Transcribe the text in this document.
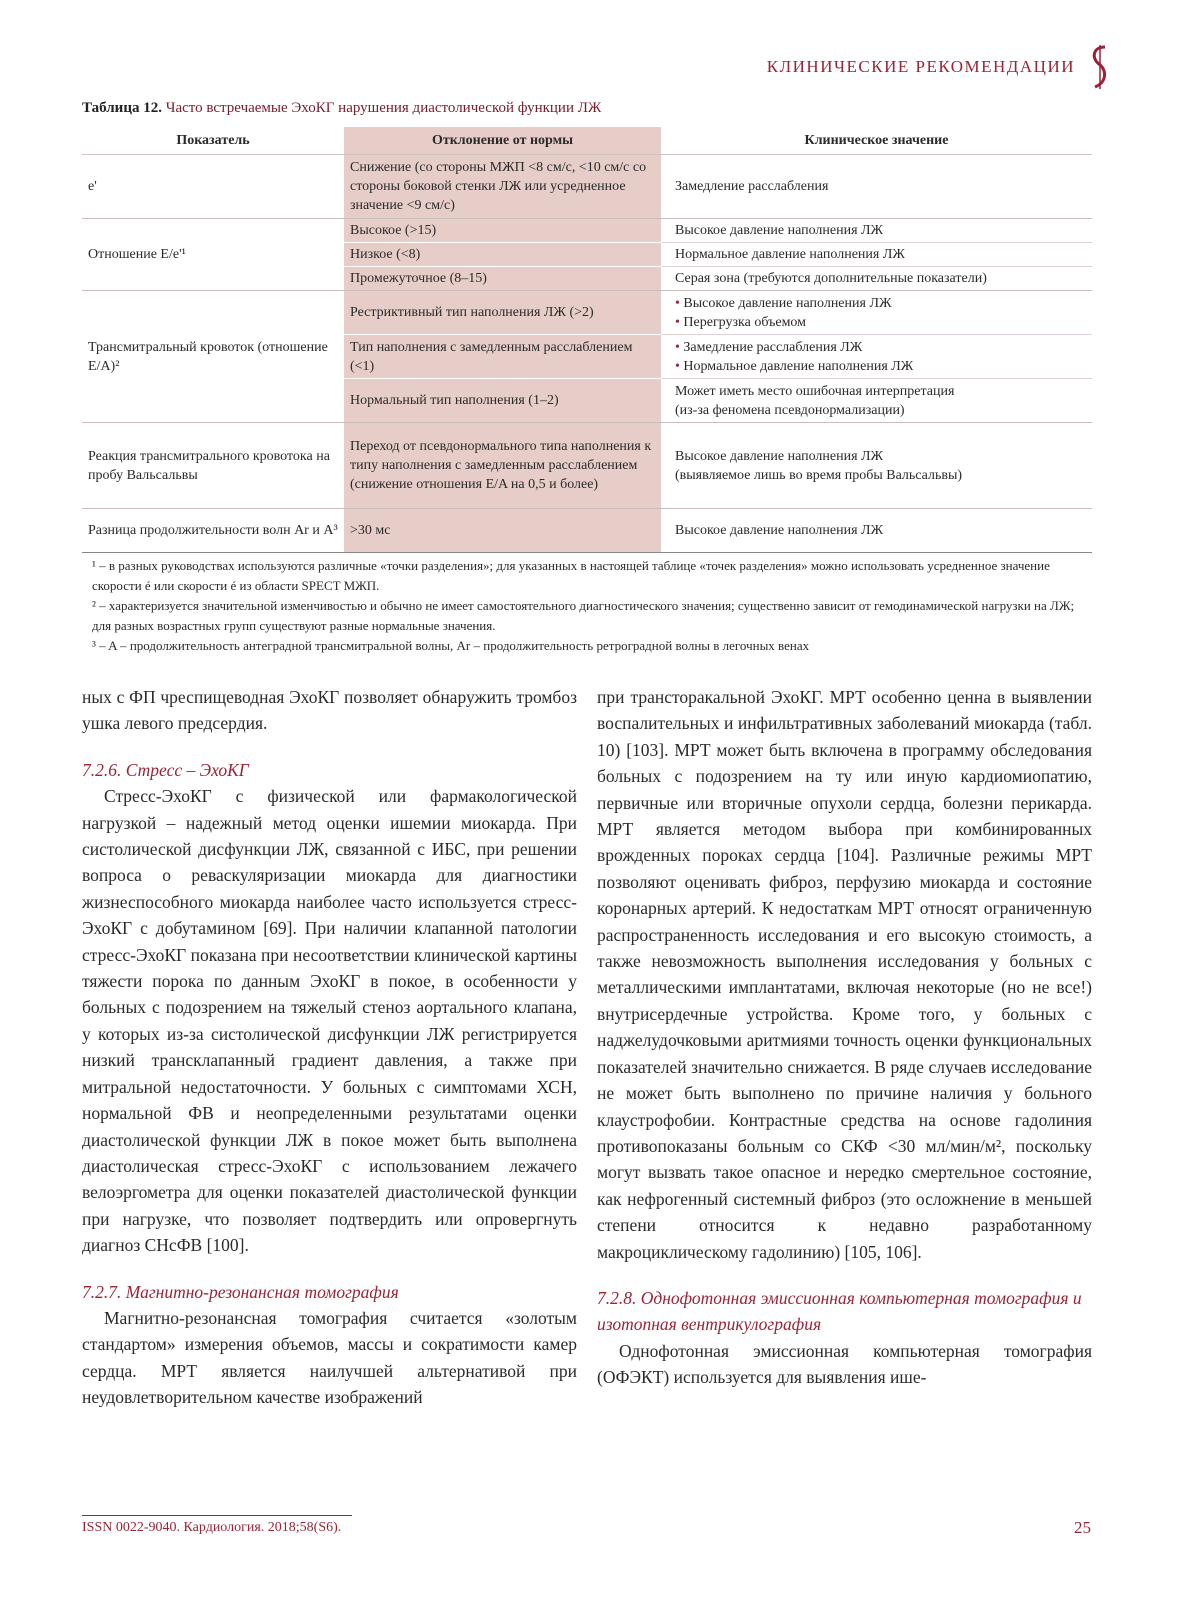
КЛИНИЧЕСКИЕ РЕКОМЕНДАЦИИ
Таблица 12. Часто встречаемые ЭхоКГ нарушения диастолической функции ЛЖ
Показатель	Отклонение от нормы	Клиническое значение
e'	Снижение (со стороны МЖП <8 см/с, <10 см/с со стороны боковой стенки ЛЖ или усредненное значение <9 см/с)	Замедление расслабления
Отношение E/e'¹	Высокое (>15)	Высокое давление наполнения ЛЖ
	Низкое (<8)	Нормальное давление наполнения ЛЖ
	Промежуточное (8–15)	Серая зона (требуются дополнительные показатели)
Трансмитральный кровоток (отношение E/A)²	Рестриктивный тип наполнения ЛЖ (>2)	• Высокое давление наполнения ЛЖ
• Перегрузка объемом

	Тип наполнения с замедленным расслаблением (<1)	• Замедление расслабления ЛЖ
• Нормальное давление наполнения ЛЖ

	Нормальный тип наполнения (1–2)	Может иметь место ошибочная интерпретация
(из-за феномена псевдонормализации)

Реакция трансмитрального кровотока на пробу Вальсальвы	Переход от псевдонормального типа наполнения к типу наполнения с замедленным расслаблением (снижение отношения E/A на 0,5 и более)	Высокое давление наполнения ЛЖ
(выявляемое лишь во время пробы Вальсальвы)

Разница продолжительности волн Ar и A³	>30 мс	Высокое давление наполнения ЛЖ

¹ – в разных руководствах используются различные «точки разделения»; для указанных в настоящей таблице «точек разделения» можно использовать усредненное значение скорости é или скорости é из области SPECT МЖП.

² – характеризуется значительной изменчивостью и обычно не имеет самостоятельного диагностического значения; существенно зависит от гемодинамической нагрузки на ЛЖ; для разных возрастных групп существуют разные нормальные значения.

³ – A – продолжительность антеградной трансмитральной волны, Ar – продолжительность ретроградной волны в легочных венах

ных с ФП чреспищеводная ЭхоКГ позволяет обнаружить тромбоз ушка левого предсердия.

7.2.6. Стресс – ЭхоКГ

Стресс-ЭхоКГ с физической или фармакологической нагрузкой – надежный метод оценки ишемии миокарда. При систолической дисфункции ЛЖ, связанной с ИБС, при решении вопроса о реваскуляризации миокарда для диагностики жизнеспособного миокарда наиболее часто используется стресс-ЭхоКГ с добутамином [69]. При наличии клапанной патологии стресс-ЭхоКГ показана при несоответствии клинической картины тяжести порока по данным ЭхоКГ в покое, в особенности у больных с подозрением на тяжелый стеноз аортального клапана, у которых из-за систолической дисфункции ЛЖ регистрируется низкий трансклапанный градиент давления, а также при митральной недостаточности. У больных с симптомами ХСН, нормальной ФВ и неопределенными результатами оценки диастолической функции ЛЖ в покое может быть выполнена диастолическая стресс-ЭхоКГ с использованием лежачего велоэргометра для оценки показателей диастолической функции при нагрузке, что позволяет подтвердить или опровергнуть диагноз СНсФВ [100].

7.2.7. Магнитно-резонансная томография

Магнитно-резонансная томография считается «золотым стандартом» измерения объемов, массы и сократимости камер сердца. МРТ является наилучшей альтернативой при неудовлетворительном качестве изображений

при трансторакальной ЭхоКГ. МРТ особенно ценна в выявлении воспалительных и инфильтративных заболеваний миокарда (табл. 10) [103]. МРТ может быть включена в программу обследования больных с подозрением на ту или иную кардиомиопатию, первичные или вторичные опухоли сердца, болезни перикарда. МРТ является методом выбора при комбинированных врожденных пороках сердца [104]. Различные режимы МРТ позволяют оценивать фиброз, перфузию миокарда и состояние коронарных артерий. К недостаткам МРТ относят ограниченную распространенность исследования и его высокую стоимость, а также невозможность выполнения исследования у больных с металлическими имплантатами, включая некоторые (но не все!) внутрисердечные устройства. Кроме того, у больных с наджелудочковыми аритмиями точность оценки функциональных показателей значительно снижается. В ряде случаев исследование не может быть выполнено по причине наличия у больного клаустрофобии. Контрастные средства на основе гадолиния противопоказаны больным со СКФ <30 мл/мин/м², поскольку могут вызвать такое опасное и нередко смертельное состояние, как нефрогенный системный фиброз (это осложнение в меньшей степени относится к недавно разработанному макроциклическому гадолинию) [105, 106].

7.2.8. Однофотонная эмиссионная компьютерная томография и изотопная вентрикулография

Однофотонная эмиссионная компьютерная томография (ОФЭКТ) используется для выявления ише-

ISSN 0022-9040. Кардиология. 2018;58(S6).	25
